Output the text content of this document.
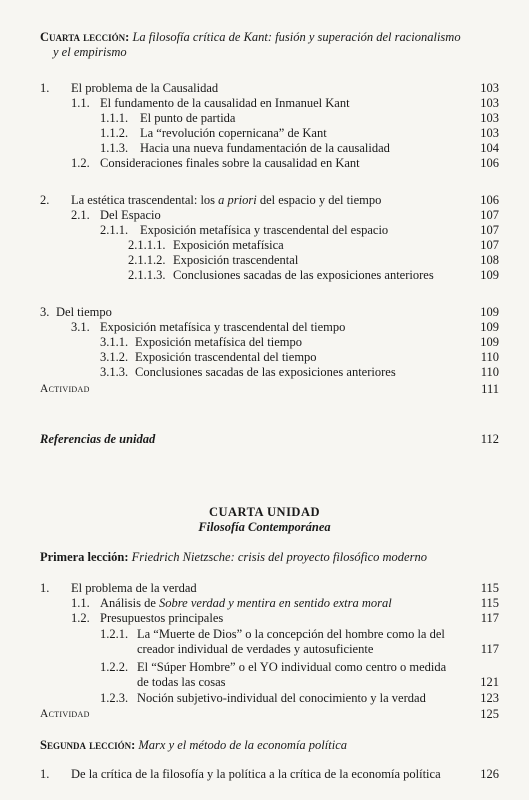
Cuarta lección: La filosofía crítica de Kant: fusión y superación del racionalismo
y el empirismo
1. El problema de la Causalidad	103
1.1. El fundamento de la causalidad en Inmanuel Kant	103
1.1.1. El punto de partida	103
1.1.2. La “revolución copernicana” de Kant	103
1.1.3. Hacia una nueva fundamentación de la causalidad	104
1.2. Consideraciones finales sobre la causalidad en Kant	106
2. La estética trascendental: los a priori del espacio y del tiempo	106
2.1. Del Espacio	107
2.1.1. Exposición metafísica y trascendental del espacio	107
2.1.1.1. Exposición metafísica	107
2.1.1.2. Exposición trascendental	108
2.1.1.3. Conclusiones sacadas de las exposiciones anteriores	109
3. Del tiempo	109
3.1. Exposición metafísica y trascendental del tiempo	109
3.1.1. Exposición metafísica del tiempo	109
3.1.2. Exposición trascendental del tiempo	110
3.1.3. Conclusiones sacadas de las exposiciones anteriores	110
Actividad	111
Referencias de unidad	112
CUARTA UNIDAD
Filosofía Contemporánea
Primera lección: Friedrich Nietzsche: crisis del proyecto filosófico moderno
1. El problema de la verdad	115
1.1. Análisis de Sobre verdad y mentira en sentido extra moral	115
1.2. Presupuestos principales	117
1.2.1. La “Muerte de Dios” o la concepción del hombre como la del
creador individual de verdades y autosuficiente	117
1.2.2. El “Súper Hombre” o el YO individual como centro o medida
de todas las cosas	121
1.2.3. Noción subjetivo-individual del conocimiento y la verdad	123
Actividad	125
Segunda lección: Marx y el método de la economía política
1. De la crítica de la filosofía y la política a la crítica de la economía política	126
